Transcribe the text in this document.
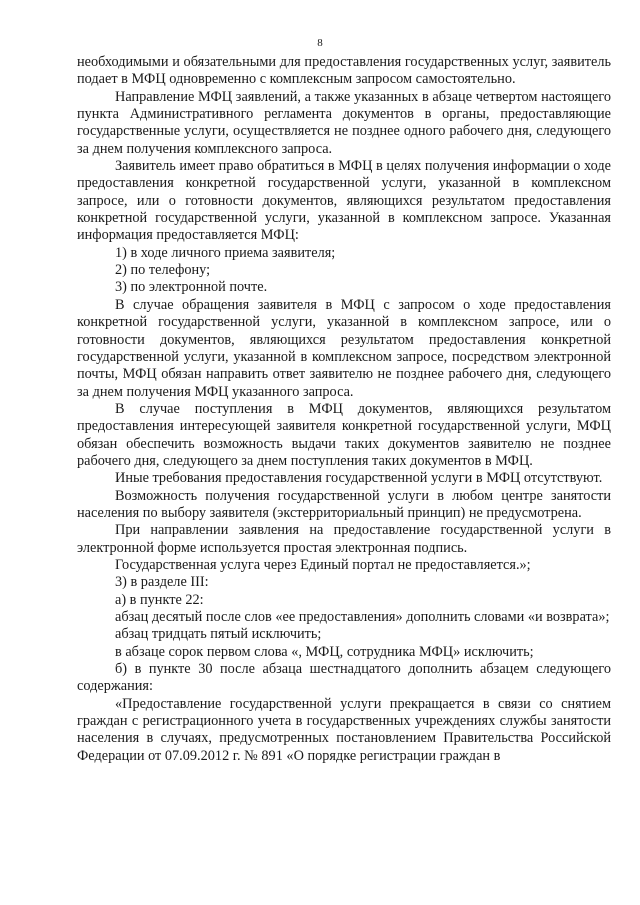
8

необходимыми и обязательными для предоставления государственных услуг, заявитель подает в МФЦ одновременно с комплексным запросом самостоятельно.

Направление МФЦ заявлений, а также указанных в абзаце четвертом настоящего пункта Административного регламента документов в органы, предоставляющие государственные услуги, осуществляется не позднее одного рабочего дня, следующего за днем получения комплексного запроса.

Заявитель имеет право обратиться в МФЦ в целях получения информации о ходе предоставления конкретной государственной услуги, указанной в комплексном запросе, или о готовности документов, являющихся результатом предоставления конкретной государственной услуги, указанной в комплексном запросе. Указанная информация предоставляется МФЦ:

1) в ходе личного приема заявителя;

2) по телефону;

3) по электронной почте.

В случае обращения заявителя в МФЦ с запросом о ходе предоставления конкретной государственной услуги, указанной в комплексном запросе, или о готовности документов, являющихся результатом предоставления конкретной государственной услуги, указанной в комплексном запросе, посредством электронной почты, МФЦ обязан направить ответ заявителю не позднее рабочего дня, следующего за днем получения МФЦ указанного запроса.

В случае поступления в МФЦ документов, являющихся результатом предоставления интересующей заявителя конкретной государственной услуги, МФЦ обязан обеспечить возможность выдачи таких документов заявителю не позднее рабочего дня, следующего за днем поступления таких документов в МФЦ.

Иные требования предоставления государственной услуги в МФЦ отсутствуют.

Возможность получения государственной услуги в любом центре занятости населения по выбору заявителя (экстерриториальный принцип) не предусмотрена.

При направлении заявления на предоставление государственной услуги в электронной форме используется простая электронная подпись.

Государственная услуга через Единый портал не предоставляется.»;

3) в разделе III:

а) в пункте 22:

абзац десятый после слов «ее предоставления» дополнить словами «и возврата»;

абзац тридцать пятый исключить;

в абзаце сорок первом слова «, МФЦ, сотрудника МФЦ» исключить;

б) в пункте 30 после абзаца шестнадцатого дополнить абзацем следующего содержания:

«Предоставление государственной услуги прекращается в связи со снятием граждан с регистрационного учета в государственных учреждениях службы занятости населения в случаях, предусмотренных постановлением Правительства Российской Федерации от 07.09.2012 г. № 891 «О порядке регистрации граждан в
